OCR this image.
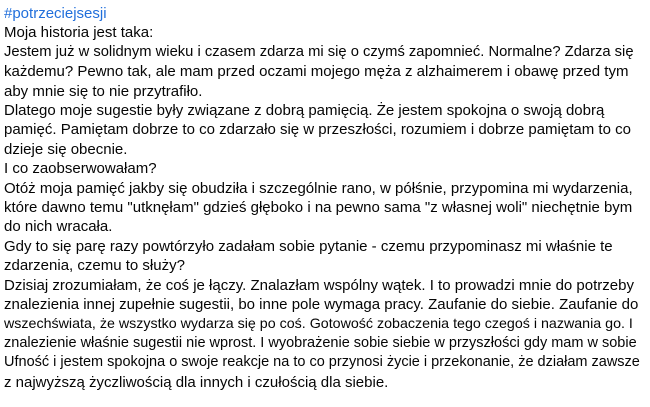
#potrzeciejsesji
Moja historia jest taka:
Jestem już w solidnym wieku i czasem zdarza mi się o czymś zapomnieć. Normalne? Zdarza się
każdemu? Pewno tak, ale mam przed oczami mojego męża z alzhaimerem i obawę przed tym
aby mnie się to nie przytrafiło.
Dlatego moje sugestie były związane z dobrą pamięcią. Że jestem spokojna o swoją dobrą
pamięć. Pamiętam dobrze to co zdarzało się w przeszłości, rozumiem i dobrze pamiętam to co
dzieje się obecnie.
I co zaobserwowałam?
Otóż moja pamięć jakby się obudziła i szczególnie rano, w półśnie, przypomina mi wydarzenia,
które dawno temu "utknęłam" gdzieś głęboko i na pewno sama "z własnej woli" niechętnie bym
do nich wracała.
Gdy to się parę razy powtórzyło zadałam sobie pytanie - czemu przypominasz mi właśnie te
zdarzenia, czemu to służy?
Dzisiaj zrozumiałam, że coś je łączy. Znalazłam wspólny wątek. I to prowadzi mnie do potrzeby
znalezienia innej zupełnie sugestii, bo inne pole wymaga pracy. Zaufanie do siebie. Zaufanie do
wszechświata, że wszystko wydarza się po coś. Gotowość zobaczenia tego czegoś i nazwania go. I
znalezienie właśnie sugestii nie wprost. I wyobrażenie sobie siebie w przyszłości gdy mam w sobie
Ufność i jestem spokojna o swoje reakcje na to co przynosi życie i przekonanie, że działam zawsze
z najwyższą życzliwością dla innych i czułością dla siebie.
